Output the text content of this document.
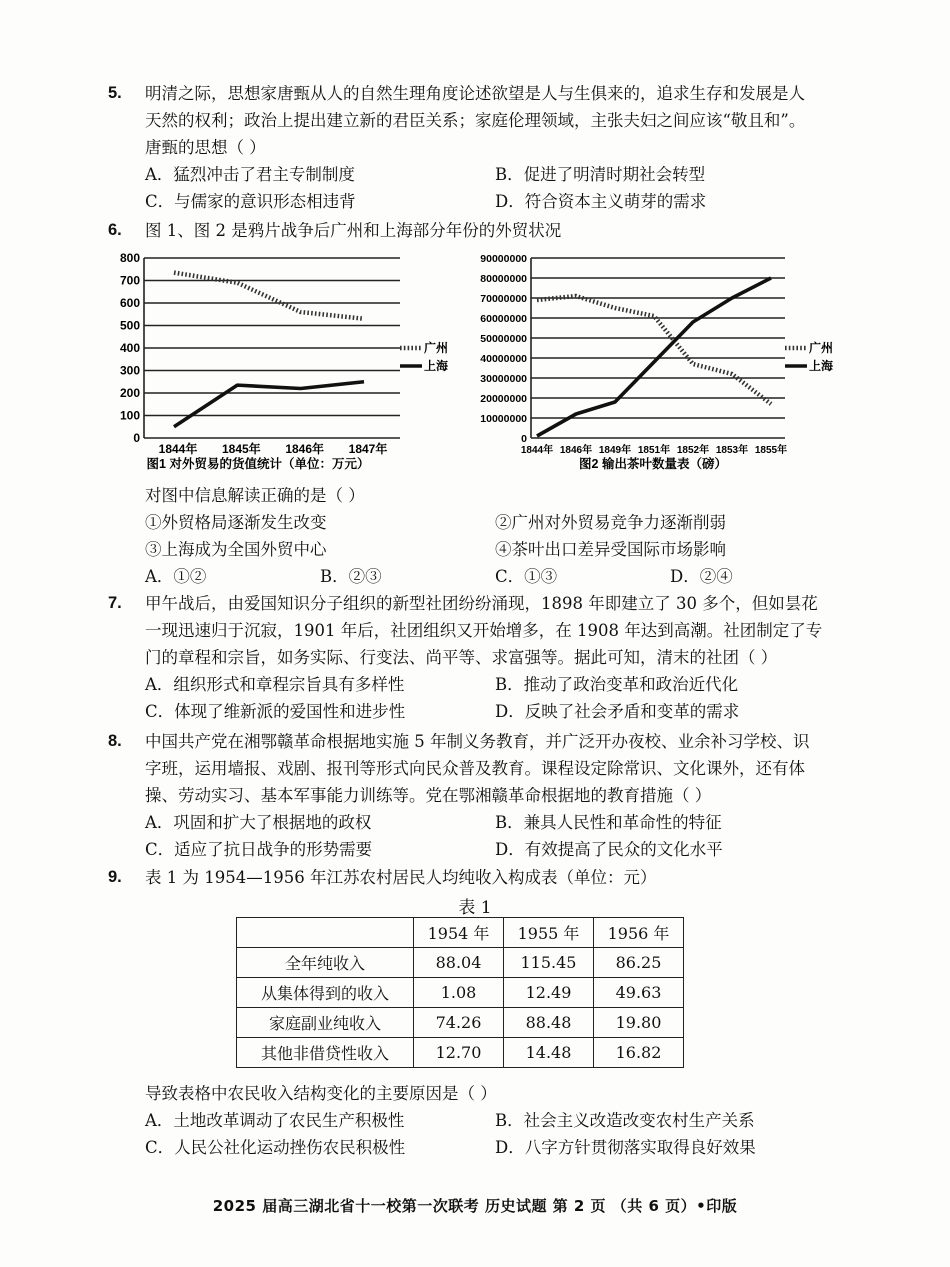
5.	明清之际，思想家唐甄从人的自然生理角度论述欲望是人与生俱来的，追求生存和发展是人
天然的权利；政治上提出建立新的君臣关系；家庭伦理领域，主张夫妇之间应该“敬且和”。
唐甄的思想（ ）
A．猛烈冲击了君主专制制度	B．促进了明清时期社会转型
C．与儒家的意识形态相违背	D．符合资本主义萌芽的需求
6.	图 1、图 2 是鸦片战争后广州和上海部分年份的外贸状况
0
100
200
300
400
500
600
700
800
1844年 1845年 1846年 1847年
广州
上海
图1 对外贸易的货值统计（单位：万元）
0
10000000
20000000
30000000
40000000
50000000
60000000
70000000
80000000
90000000
1844年 1846年 1849年 1851年 1852年 1853年 1855年
广州
上海
图2 输出茶叶数量表（磅）
对图中信息解读正确的是（ ）
①外贸格局逐渐发生改变	②广州对外贸易竞争力逐渐削弱
③上海成为全国外贸中心	④茶叶出口差异受国际市场影响
A．①②	B．②③	C．①③	D．②④
7.	甲午战后，由爱国知识分子组织的新型社团纷纷涌现，1898 年即建立了 30 多个，但如昙花
一现迅速归于沉寂，1901 年后，社团组织又开始增多，在 1908 年达到高潮。社团制定了专
门的章程和宗旨，如务实际、行变法、尚平等、求富强等。据此可知，清末的社团（ ）
A．组织形式和章程宗旨具有多样性	B．推动了政治变革和政治近代化
C．体现了维新派的爱国性和进步性	D．反映了社会矛盾和变革的需求
8.	中国共产党在湘鄂赣革命根据地实施 5 年制义务教育，并广泛开办夜校、业余补习学校、识
字班，运用墙报、戏剧、报刊等形式向民众普及教育。课程设定除常识、文化课外，还有体
操、劳动实习、基本军事能力训练等。党在鄂湘赣革命根据地的教育措施（ ）
A．巩固和扩大了根据地的政权	B．兼具人民性和革命性的特征
C．适应了抗日战争的形势需要	D．有效提高了民众的文化水平
9.	表 1 为 1954—1956 年江苏农村居民人均纯收入构成表（单位：元）
表 1
	1954 年	1955 年	1956 年
全年纯收入	88.04	115.45	86.25
从集体得到的收入	1.08	12.49	49.63
家庭副业纯收入	74.26	88.48	19.80
其他非借贷性收入	12.70	14.48	16.82
导致表格中农民收入结构变化的主要原因是（ ）
A．土地改革调动了农民生产积极性	B．社会主义改造改变农村生产关系
C．人民公社化运动挫伤农民积极性	D．八字方针贯彻落实取得良好效果
2025 届高三湖北省十一校第一次联考 历史试题 第 2 页 （共 6 页）•印版
